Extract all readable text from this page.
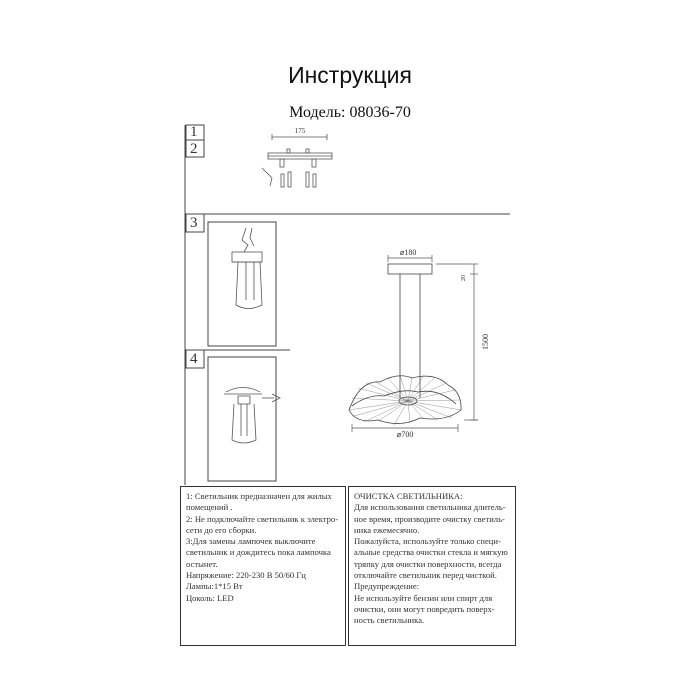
Инструкция
Модель: 08036-70
175
⌀180
⌀700
1500
20
1
2
3
4

1: Светильник предназначен для жилых

помещений .

2: Не подключайте светильник к электро-

сети до его сборки.

3:Для замены лампочек выключите

светильник и дождитесь пока лампочка

остынет.

Напряжение: 220-230 В 50/60 Гц

Лампы:1*15 Вт

Цоколь: LED

ОЧИСТКА СВЕТИЛЬНИКА:

Для использования светильника длитель-

ное время, производите очистку светиль-

ника ежемесячно.

Пожалуйста, используйте только специ-

альные средства очистки стекла и мягкую

тряпку для очистки поверхности, всегда

отключайте светильник перед чисткой.

Предупреждение:

Не используйте бензин или спирт для

очистки, они могут повредить поверх-

ность светильника.
